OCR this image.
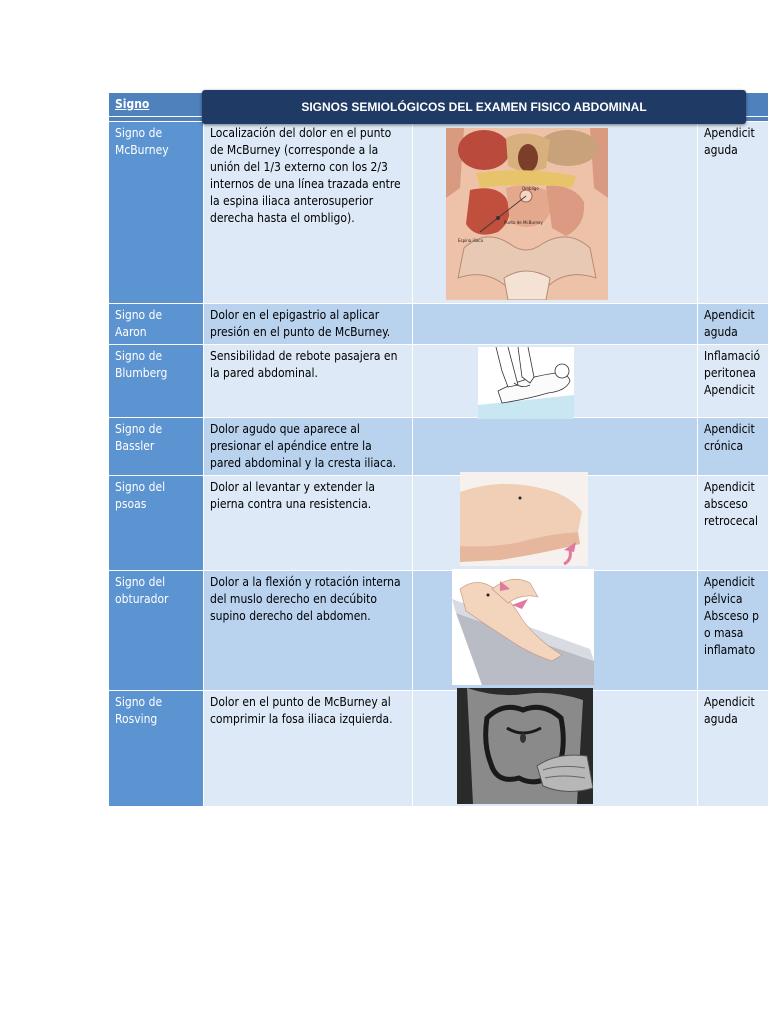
Signo			

Signo de McBurney	Localización del dolor en el punto de McBurney (corresponde a la unión del 1/3 externo con los 2/3 internos de una línea trazada entre la espina iliaca anterosuperior derecha hasta el ombligo).		Apendicit
aguda

Signo de Aaron	Dolor en el epigastrio al aplicar presión en el punto de McBurney.		Apendicit
aguda

Signo de Blumberg	Sensibilidad de rebote pasajera en la pared abdominal.		Inflamació
peritonea
Apendicit

Signo de Bassler	Dolor agudo que aparece al presionar el apéndice entre la pared abdominal y la cresta iliaca.		Apendicit
crónica

Signo del psoas	Dolor al levantar y extender la pierna contra una resistencia.		Apendicit
absceso
retrocecal

Signo del obturador	Dolor a la flexión y rotación interna del muslo derecho en decúbito supino derecho del abdomen.		Apendicit
pélvica
Absceso p
o masa
inflamato

Signo de Rosving	Dolor en el punto de McBurney al comprimir la fosa iliaca izquierda.		Apendicit
aguda
SIGNOS SEMIOLÓGICOS DEL EXAMEN FISICO ABDOMINAL
Ombligo
Punto de McBurney
Espina iliaca
